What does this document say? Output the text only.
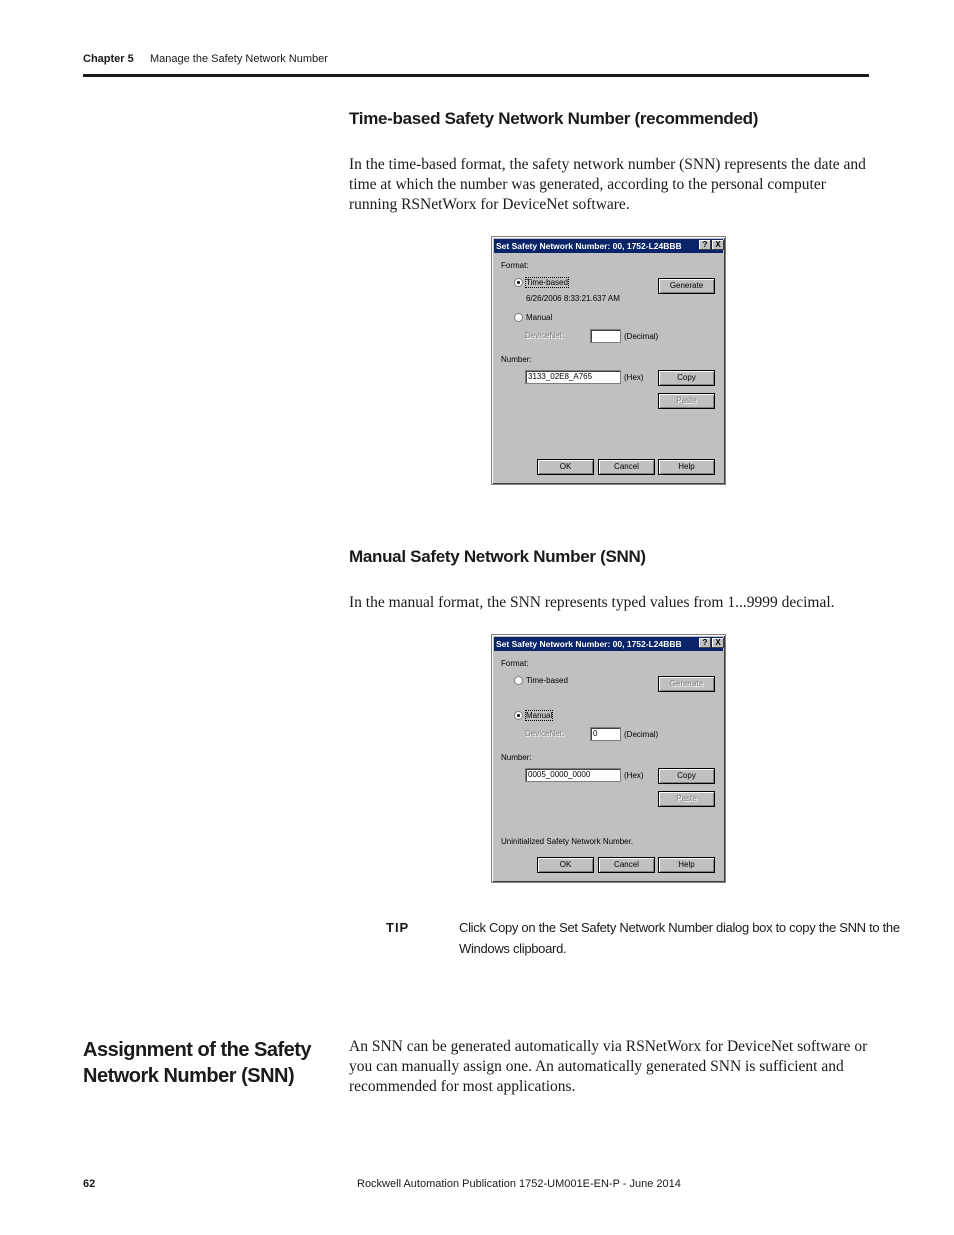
Chapter 5 Manage the Safety Network Number
Time-based Safety Network Number (recommended)
In the time-based format, the safety network number (SNN) represents the date and time at which the number was generated, according to the personal computer running RSNetWorx for DeviceNet software.
Set Safety Network Number: 00, 1752-L24BBB	? X
Format:
Time-based
6/26/2006 8:33:21.637 AM
Generate
Manual
DeviceNet:	(Decimal)
Number:
3133_02E8_A765	(Hex)	Copy
Paste
OK	Cancel	Help
Manual Safety Network Number (SNN)
In the manual format, the SNN represents typed values from 1...9999 decimal.
Set Safety Network Number: 00, 1752-L24BBB	? X
Format:
Time-based	Generate
Manual
DeviceNet:	0	(Decimal)
Number:
0005_0000_0000	(Hex)	Copy
Paste
Uninitialized Safety Network Number.
OK	Cancel	Help
TIP	Click Copy on the Set Safety Network Number dialog box to copy the SNN to the
Windows clipboard.
Assignment of the Safety
Network Number (SNN)
An SNN can be generated automatically via RSNetWorx for DeviceNet software or you can manually assign one. An automatically generated SNN is sufficient and recommended for most applications.
62	Rockwell Automation Publication 1752-UM001E-EN-P - June 2014
